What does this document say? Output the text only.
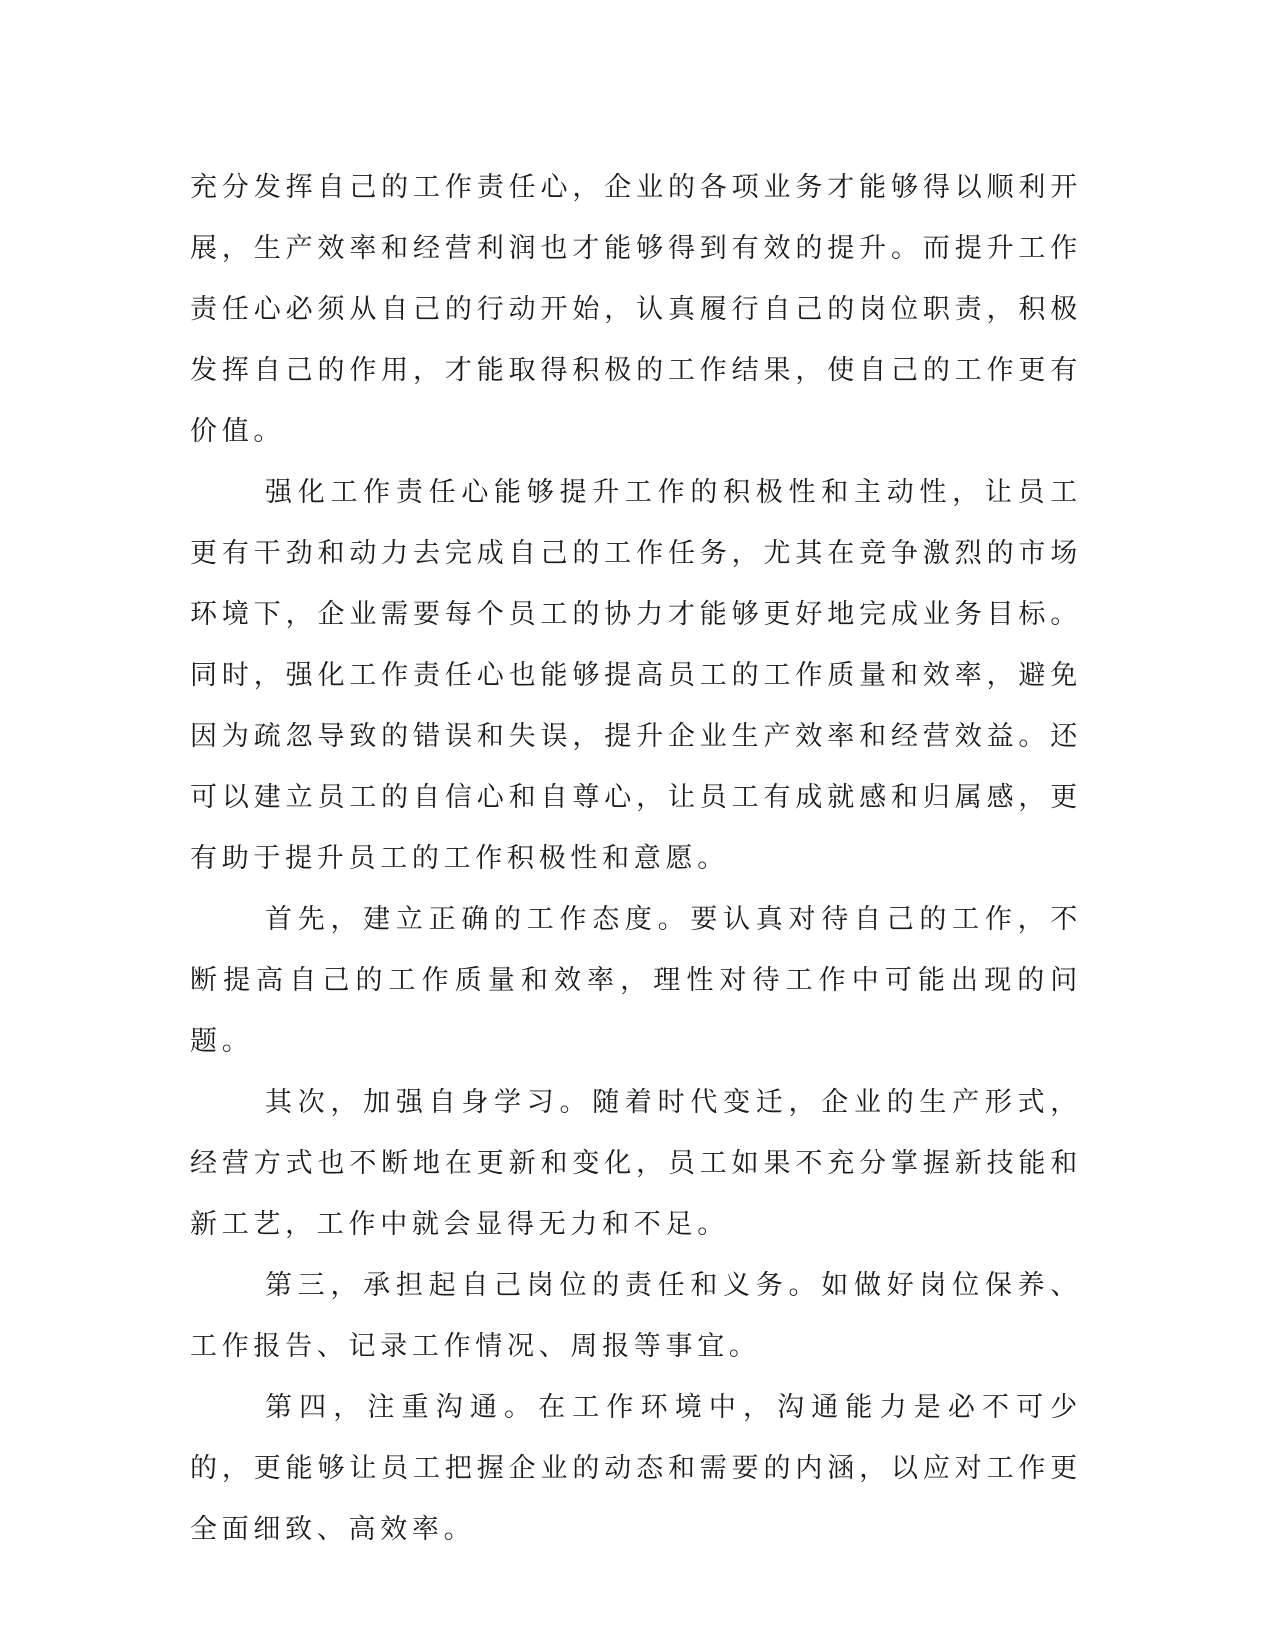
充分发挥自己的工作责任心，企业的各项业务才能够得以顺利开展，生产效率和经营利润也才能够得到有效的提升。而提升工作责任心必须从自己的行动开始，认真履行自己的岗位职责，积极发挥自己的作用，才能取得积极的工作结果，使自己的工作更有价值。

强化工作责任心能够提升工作的积极性和主动性，让员工更有干劲和动力去完成自己的工作任务，尤其在竞争激烈的市场环境下，企业需要每个员工的协力才能够更好地完成业务目标。同时，强化工作责任心也能够提高员工的工作质量和效率，避免因为疏忽导致的错误和失误，提升企业生产效率和经营效益。还可以建立员工的自信心和自尊心，让员工有成就感和归属感，更有助于提升员工的工作积极性和意愿。

首先，建立正确的工作态度。要认真对待自己的工作，不断提高自己的工作质量和效率，理性对待工作中可能出现的问题。

其次，加强自身学习。随着时代变迁，企业的生产形式，经营方式也不断地在更新和变化，员工如果不充分掌握新技能和新工艺，工作中就会显得无力和不足。

第三，承担起自己岗位的责任和义务。如做好岗位保养、工作报告、记录工作情况、周报等事宜。

第四，注重沟通。在工作环境中，沟通能力是必不可少的，更能够让员工把握企业的动态和需要的内涵，以应对工作更全面细致、高效率。
